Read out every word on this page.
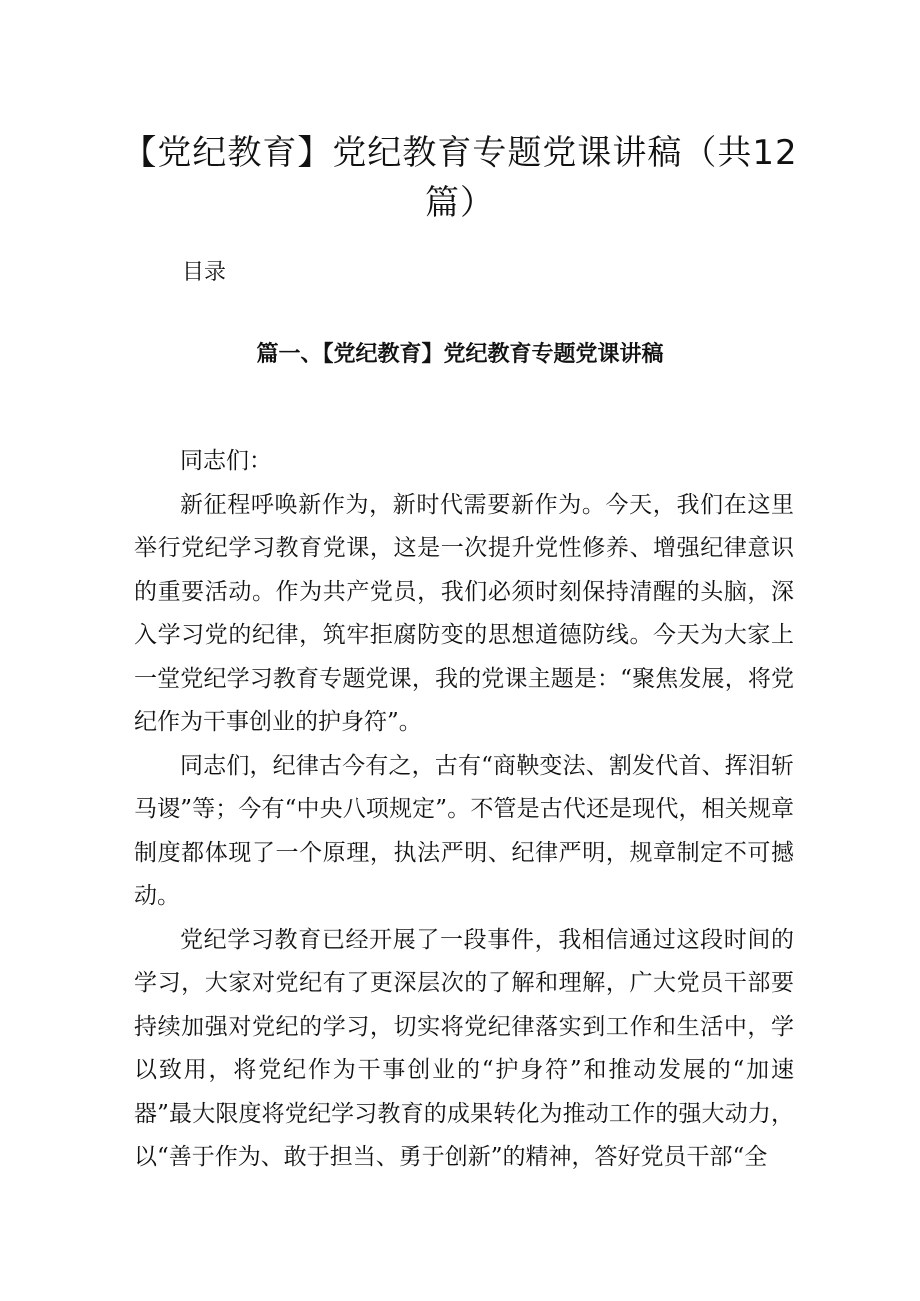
【党纪教育】党纪教育专题党课讲稿（共12篇）

目录

篇一、【党纪教育】党纪教育专题党课讲稿

同志们：

新征程呼唤新作为，新时代需要新作为。今天，我们在这里举行党纪学习教育党课，这是一次提升党性修养、增强纪律意识的重要活动。作为共产党员，我们必须时刻保持清醒的头脑，深入学习党的纪律，筑牢拒腐防变的思想道德防线。今天为大家上一堂党纪学习教育专题党课，我的党课主题是：“聚焦发展，将党纪作为干事创业的护身符”。

同志们，纪律古今有之，古有“商鞅变法、割发代首、挥泪斩马谡”等；今有“中央八项规定”。不管是古代还是现代，相关规章制度都体现了一个原理，执法严明、纪律严明，规章制定不可撼动。

党纪学习教育已经开展了一段事件，我相信通过这段时间的学习，大家对党纪有了更深层次的了解和理解，广大党员干部要持续加强对党纪的学习，切实将党纪律落实到工作和生活中，学以致用，将党纪作为干事创业的“护身符”和推动发展的“加速器”最大限度将党纪学习教育的成果转化为推动工作的强大动力，以“善于作为、敢于担当、勇于创新”的精神，答好党员干部“全
